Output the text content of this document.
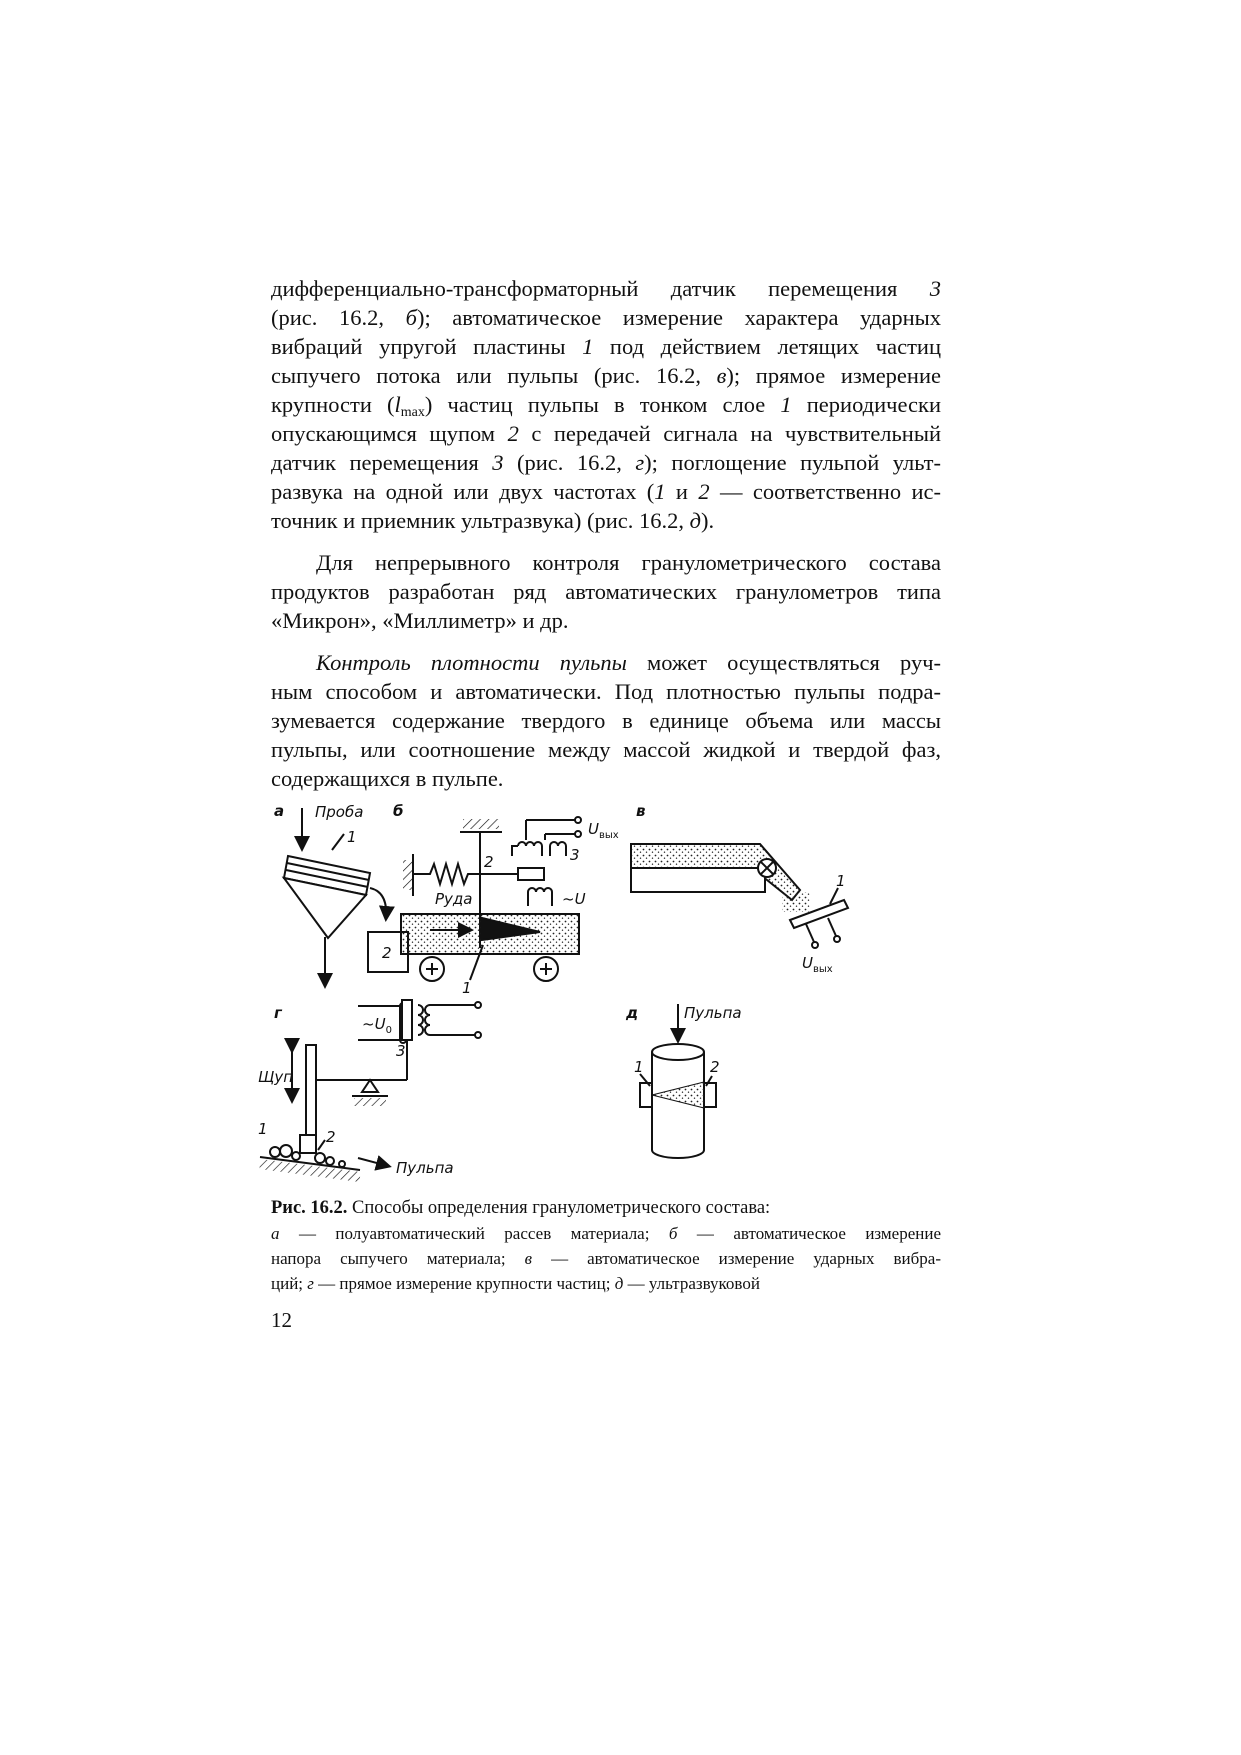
дифференциально-трансформаторный датчик перемещения 3
(рис. 16.2, б); автоматическое измерение характера ударных
вибраций упругой пластины 1 под действием летящих частиц
сыпучего потока или пульпы (рис. 16.2, в); прямое измерение
крупности $(l_{max})$ частиц пульпы в тонком слое 1 периодически
опускающимся щупом 2 с передачей сигнала на чувствительный
датчик перемещения 3 (рис. 16.2, г); поглощение пульпой ульт-
развука на одной или двух частотах (1 и 2 — соответственно ис-
точник и приемник ультразвука) (рис. 16.2, д).

Для непрерывного контроля гранулометрического состава
продуктов разработан ряд автоматических гранулометров типа
«Микрон», «Миллиметр» и др.

Контроль плотности пульпы может осуществляться руч-
ным способом и автоматически. Под плотностью пульпы подра-
зумевается содержание твердого в единице объема или массы
пульпы, или соотношение между массой жидкой и твердой фаз,
содержащихся в пульпе.

а Проба
1
2
б
2
$U_{вых}$
3
~U
Руда
1
в
1
$U_{вых}$
г
$\sim U_0$
3
Щуп
2
1
Пульпа
д	Пульпа
1	2
Рис. 16.2. Способы определения гранулометрического состава:
а — полуавтоматический рассев материала; б — автоматическое измерение
напора сыпучего материала; в — автоматическое измерение ударных вибра-
ций; г — прямое измерение крупности частиц; д — ультразвуковой
12
